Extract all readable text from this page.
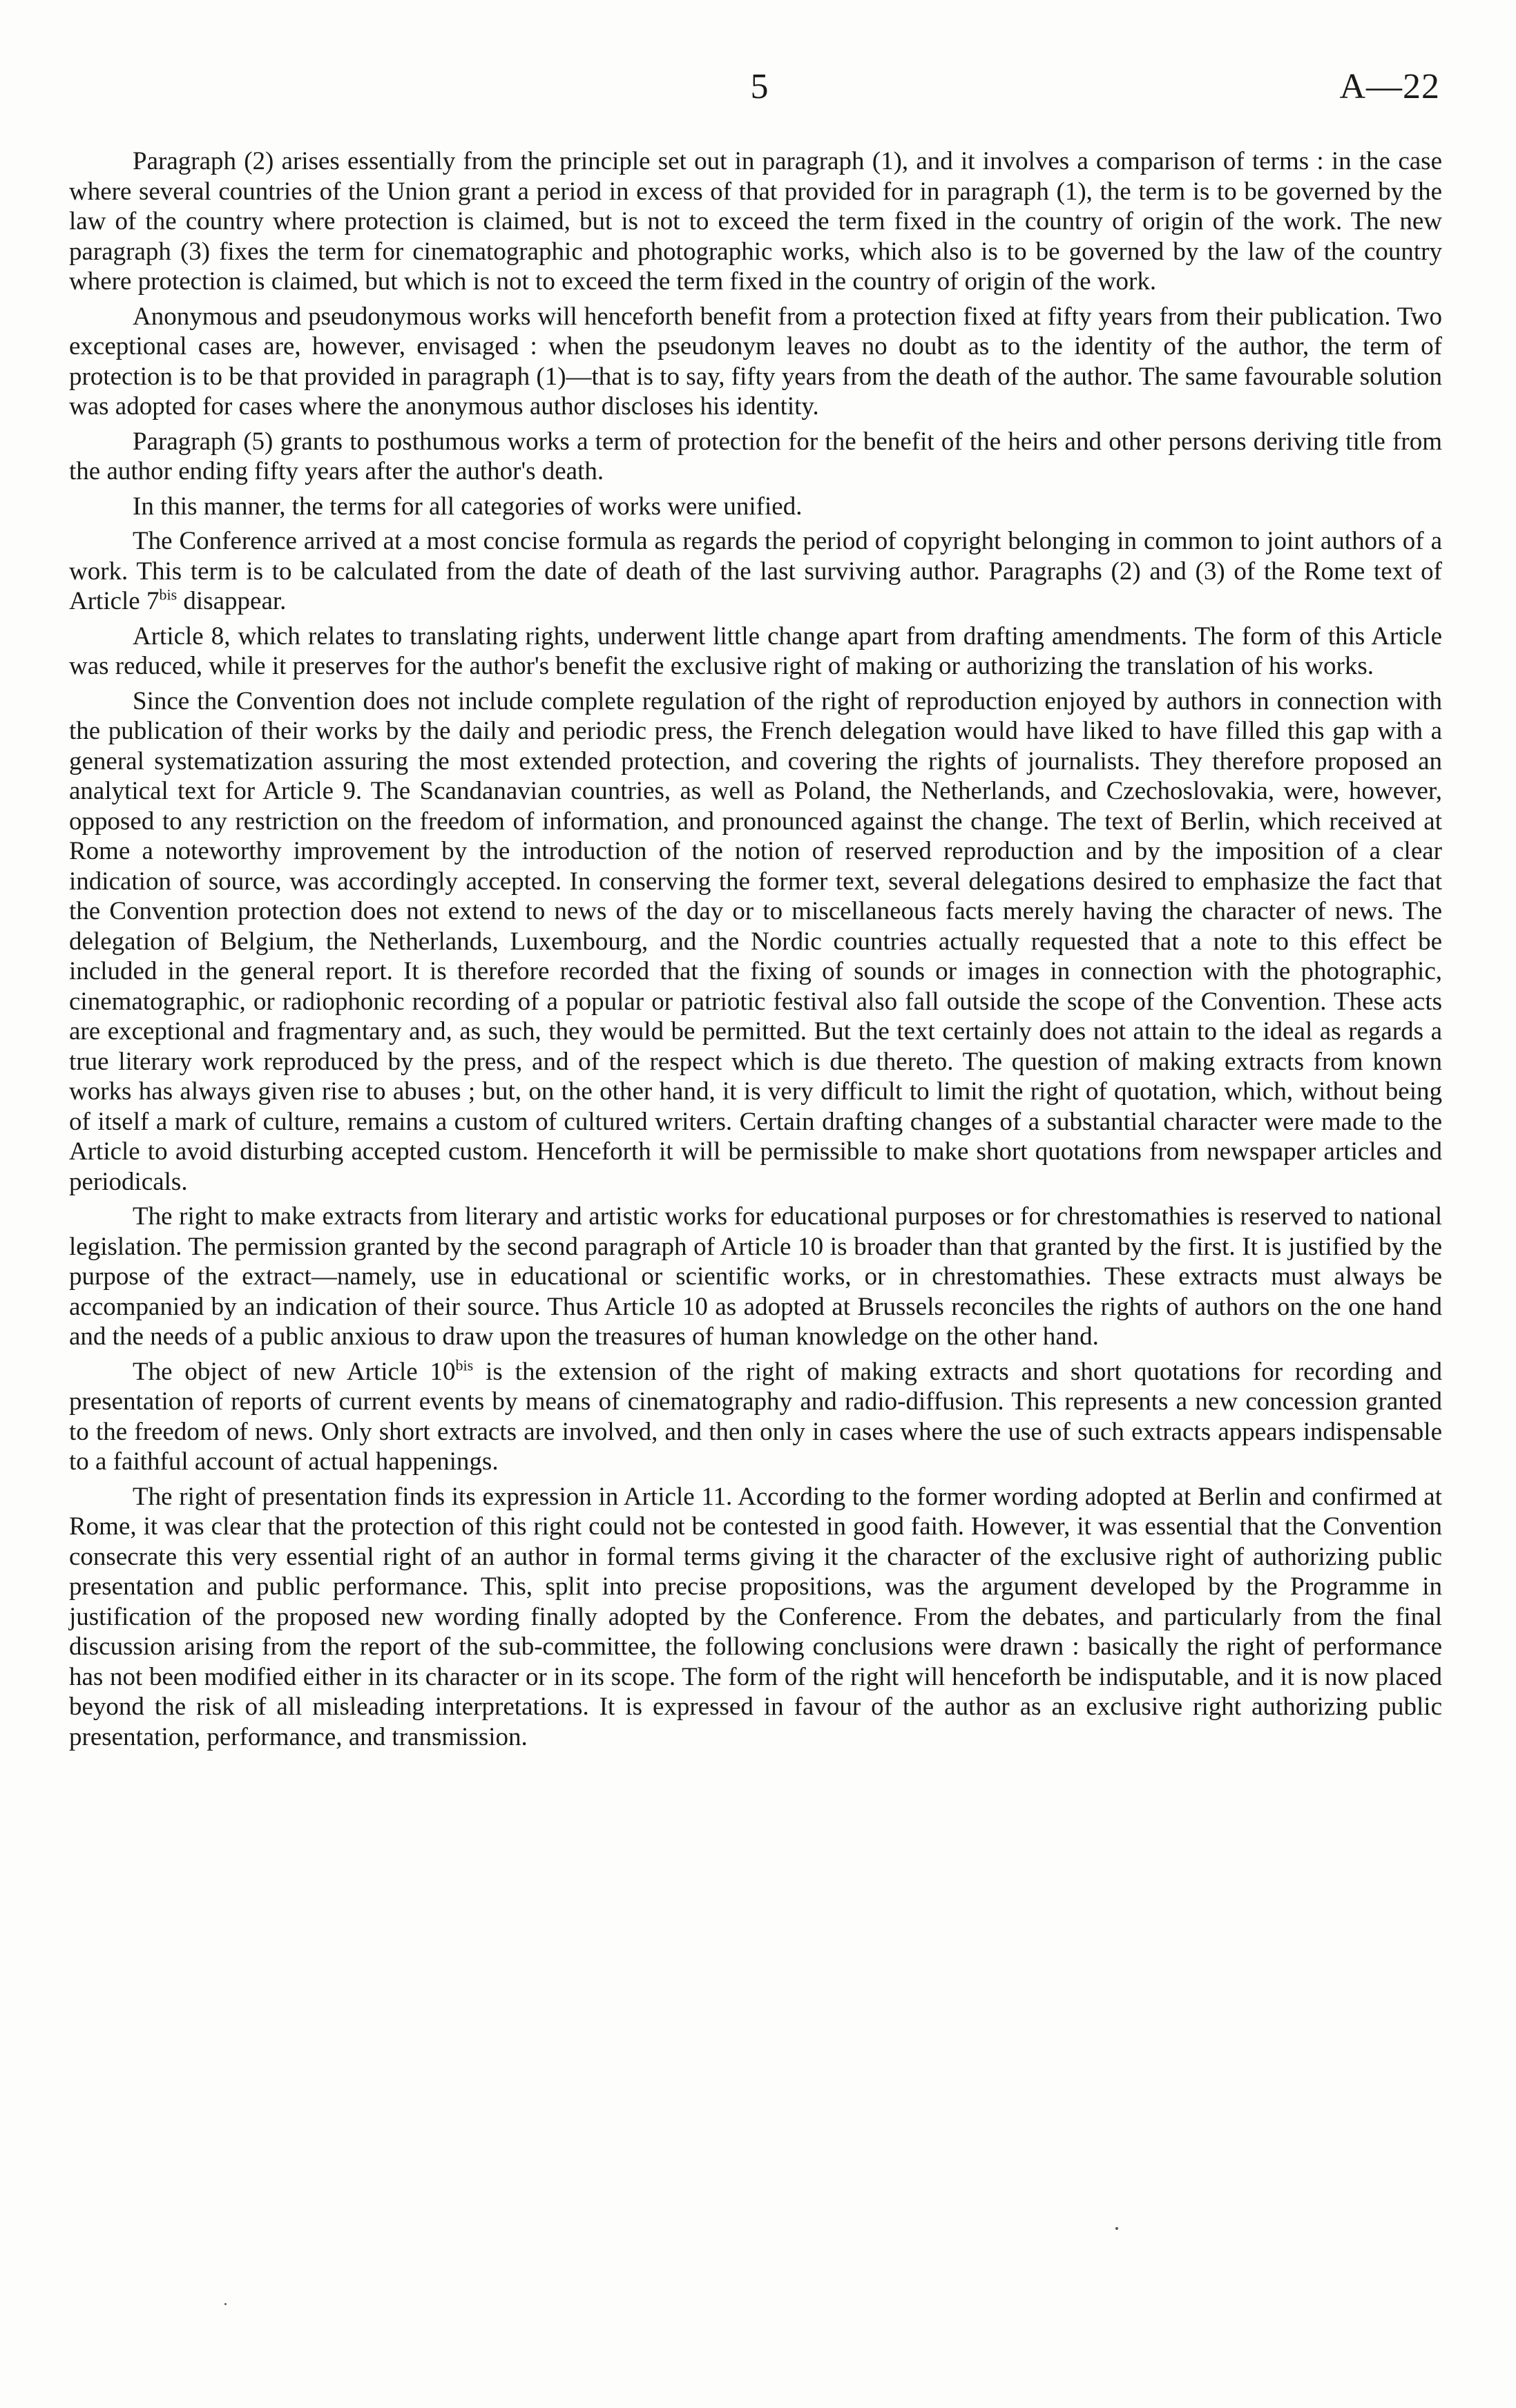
5	A—22

Paragraph (2) arises essentially from the principle set out in paragraph (1), and it involves a comparison of terms : in the case where several countries of the Union grant a period in excess of that provided for in paragraph (1), the term is to be governed by the law of the country where protection is claimed, but is not to exceed the term fixed in the country of origin of the work. The new paragraph (3) fixes the term for cinematographic and photographic works, which also is to be governed by the law of the country where protection is claimed, but which is not to exceed the term fixed in the country of origin of the work.

Anonymous and pseudonymous works will henceforth benefit from a protection fixed at fifty years from their publication. Two exceptional cases are, however, envisaged : when the pseudonym leaves no doubt as to the identity of the author, the term of protection is to be that provided in paragraph (1)—that is to say, fifty years from the death of the author. The same favourable solution was adopted for cases where the anonymous author discloses his identity.

Paragraph (5) grants to posthumous works a term of protection for the benefit of the heirs and other persons deriving title from the author ending fifty years after the author's death.

In this manner, the terms for all categories of works were unified.

The Conference arrived at a most concise formula as regards the period of copyright belonging in common to joint authors of a work. This term is to be calculated from the date of death of the last surviving author. Paragraphs (2) and (3) of the Rome text of Article $7^{bis}$ disappear.

Article 8, which relates to translating rights, underwent little change apart from drafting amendments. The form of this Article was reduced, while it preserves for the author's benefit the exclusive right of making or authorizing the translation of his works.

Since the Convention does not include complete regulation of the right of reproduction enjoyed by authors in connection with the publication of their works by the daily and periodic press, the French delegation would have liked to have filled this gap with a general systematization assuring the most extended protection, and covering the rights of journalists. They therefore proposed an analytical text for Article 9. The Scandanavian countries, as well as Poland, the Netherlands, and Czechoslovakia, were, however, opposed to any restriction on the freedom of information, and pronounced against the change. The text of Berlin, which received at Rome a noteworthy improvement by the introduction of the notion of reserved reproduction and by the imposition of a clear indication of source, was accordingly accepted. In conserving the former text, several delegations desired to emphasize the fact that the Convention protection does not extend to news of the day or to miscellaneous facts merely having the character of news. The delegation of Belgium, the Netherlands, Luxembourg, and the Nordic countries actually requested that a note to this effect be included in the general report. It is therefore recorded that the fixing of sounds or images in connection with the photographic, cinematographic, or radiophonic recording of a popular or patriotic festival also fall outside the scope of the Convention. These acts are exceptional and fragmentary and, as such, they would be permitted. But the text certainly does not attain to the ideal as regards a true literary work reproduced by the press, and of the respect which is due thereto. The question of making extracts from known works has always given rise to abuses ; but, on the other hand, it is very difficult to limit the right of quotation, which, without being of itself a mark of culture, remains a custom of cultured writers. Certain drafting changes of a substantial character were made to the Article to avoid disturbing accepted custom. Henceforth it will be permissible to make short quotations from newspaper articles and periodicals.

The right to make extracts from literary and artistic works for educational purposes or for chrestomathies is reserved to national legislation. The permission granted by the second paragraph of Article 10 is broader than that granted by the first. It is justified by the purpose of the extract—namely, use in educational or scientific works, or in chrestomathies. These extracts must always be accompanied by an indication of their source. Thus Article 10 as adopted at Brussels reconciles the rights of authors on the one hand and the needs of a public anxious to draw upon the treasures of human knowledge on the other hand.

The object of new Article $10^{bis}$ is the extension of the right of making extracts and short quotations for recording and presentation of reports of current events by means of cinematography and radio-diffusion. This represents a new concession granted to the freedom of news. Only short extracts are involved, and then only in cases where the use of such extracts appears indispensable to a faithful account of actual happenings.

The right of presentation finds its expression in Article 11. According to the former wording adopted at Berlin and confirmed at Rome, it was clear that the protection of this right could not be contested in good faith. However, it was essential that the Convention consecrate this very essential right of an author in formal terms giving it the character of the exclusive right of authorizing public presentation and public performance. This, split into precise propositions, was the argument developed by the Programme in justification of the proposed new wording finally adopted by the Conference. From the debates, and particularly from the final discussion arising from the report of the sub-committee, the following conclusions were drawn : basically the right of performance has not been modified either in its character or in its scope. The form of the right will henceforth be indisputable, and it is now placed beyond the risk of all misleading interpretations. It is expressed in favour of the author as an exclusive right authorizing public presentation, performance, and transmission.
